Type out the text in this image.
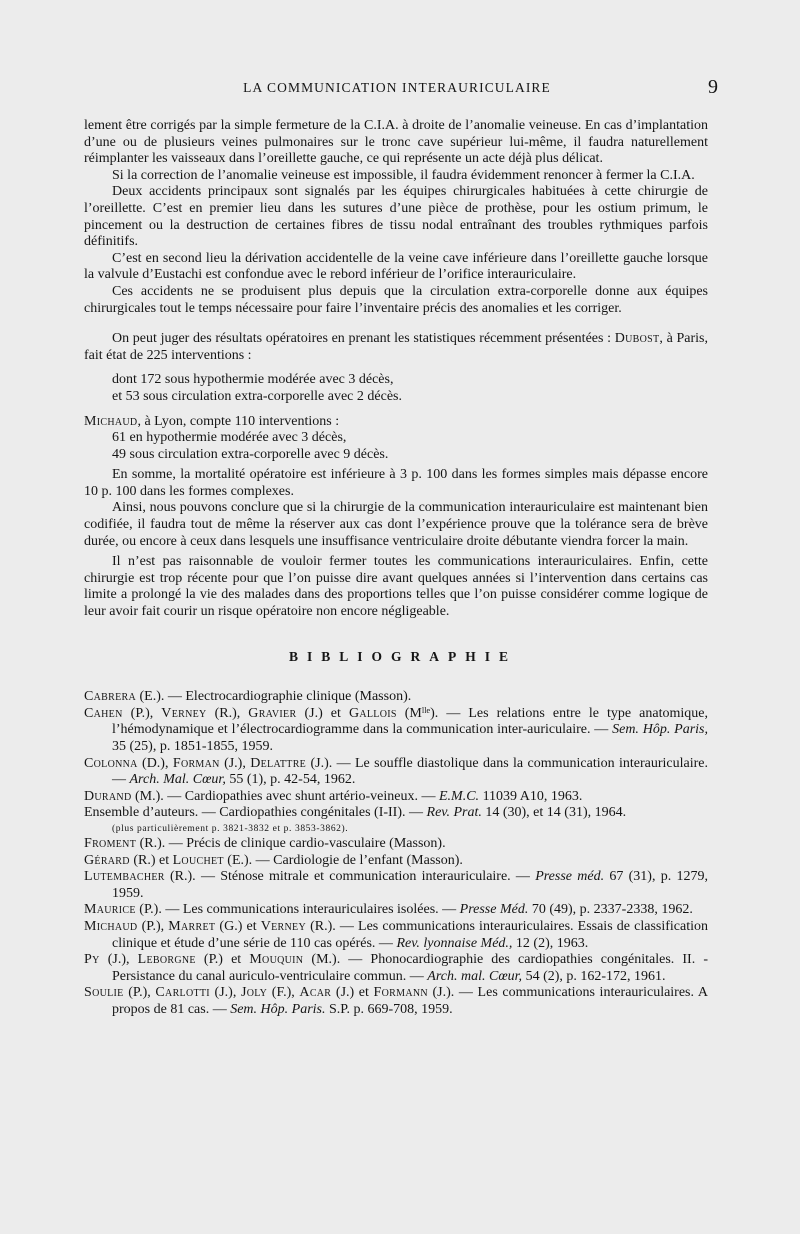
LA COMMUNICATION INTERAURICULAIRE	9

lement être corrigés par la simple fermeture de la C.I.A. à droite de l’anomalie veineuse. En cas d’implantation d’une ou de plusieurs veines pulmonaires sur le tronc cave supérieur lui-même, il faudra naturellement réimplanter les vaisseaux dans l’oreillette gauche, ce qui représente un acte déjà plus délicat.

Si la correction de l’anomalie veineuse est impossible, il faudra évidemment renoncer à fermer la C.I.A.

Deux accidents principaux sont signalés par les équipes chirurgicales habituées à cette chirurgie de l’oreillette. C’est en premier lieu dans les sutures d’une pièce de prothèse, pour les ostium primum, le pincement ou la destruction de certaines fibres de tissu nodal entraînant des troubles rythmiques parfois définitifs.

C’est en second lieu la dérivation accidentelle de la veine cave inférieure dans l’oreillette gauche lorsque la valvule d’Eustachi est confondue avec le rebord inférieur de l’orifice interauriculaire.

Ces accidents ne se produisent plus depuis que la circulation extra-corporelle donne aux équipes chirurgicales tout le temps nécessaire pour faire l’inventaire précis des anomalies et les corriger.

On peut juger des résultats opératoires en prenant les statistiques récemment présentées : Dubost, à Paris, fait état de 225 interventions :

dont 172 sous hypothermie modérée avec 3 décès,

et 53 sous circulation extra-corporelle avec 2 décès.

Michaud, à Lyon, compte 110 interventions :

61 en hypothermie modérée avec 3 décès,

49 sous circulation extra-corporelle avec 9 décès.

En somme, la mortalité opératoire est inférieure à 3 p. 100 dans les formes simples mais dépasse encore 10 p. 100 dans les formes complexes.

Ainsi, nous pouvons conclure que si la chirurgie de la communication interauriculaire est maintenant bien codifiée, il faudra tout de même la réserver aux cas dont l’expérience prouve que la tolérance sera de brève durée, ou encore à ceux dans lesquels une insuffisance ventriculaire droite débutante viendra forcer la main.

Il n’est pas raisonnable de vouloir fermer toutes les communications interauriculaires. Enfin, cette chirurgie est trop récente pour que l’on puisse dire avant quelques années si l’intervention dans certains cas limite a prolongé la vie des malades dans des proportions telles que l’on puisse considérer comme logique de leur avoir fait courir un risque opératoire non encore négligeable.

BIBLIOGRAPHIE
Cabrera (E.). — Electrocardiographie clinique (Masson).
Cahen (P.), Verney (R.), Gravier (J.) et Gallois (Mˡˡᵉ). — Les relations entre le type anatomique, l’hémodynamique et l’électrocardiogramme dans la communication inter-auriculaire. — Sem. Hôp. Paris, 35 (25), p. 1851-1855, 1959.
Colonna (D.), Forman (J.), Delattre (J.). — Le souffle diastolique dans la communication interauriculaire. — Arch. Mal. Cœur, 55 (1), p. 42-54, 1962.
Durand (M.). — Cardiopathies avec shunt artério-veineux. — E.M.C. 11039 A10, 1963.
Ensemble d’auteurs. — Cardiopathies congénitales (I-II). — Rev. Prat. 14 (30), et 14 (31), 1964.
(plus particulièrement p. 3821-3832 et p. 3853-3862).
Froment (R.). — Précis de clinique cardio-vasculaire (Masson).
Gérard (R.) et Louchet (E.). — Cardiologie de l’enfant (Masson).
Lutembacher (R.). — Sténose mitrale et communication interauriculaire. — Presse méd. 67 (31), p. 1279, 1959.
Maurice (P.). — Les communications interauriculaires isolées. — Presse Méd. 70 (49), p. 2337-2338, 1962.
Michaud (P.), Marret (G.) et Verney (R.). — Les communications interauriculaires. Essais de classification clinique et étude d’une série de 110 cas opérés. — Rev. lyonnaise Méd., 12 (2), 1963.
Py (J.), Leborgne (P.) et Mouquin (M.). — Phonocardiographie des cardiopathies congénitales. II. - Persistance du canal auriculo-ventriculaire commun. — Arch. mal. Cœur, 54 (2), p. 162-172, 1961.
Soulie (P.), Carlotti (J.), Joly (F.), Acar (J.) et Formann (J.). — Les communications interauriculaires. A propos de 81 cas. — Sem. Hôp. Paris. S.P. p. 669-708, 1959.
